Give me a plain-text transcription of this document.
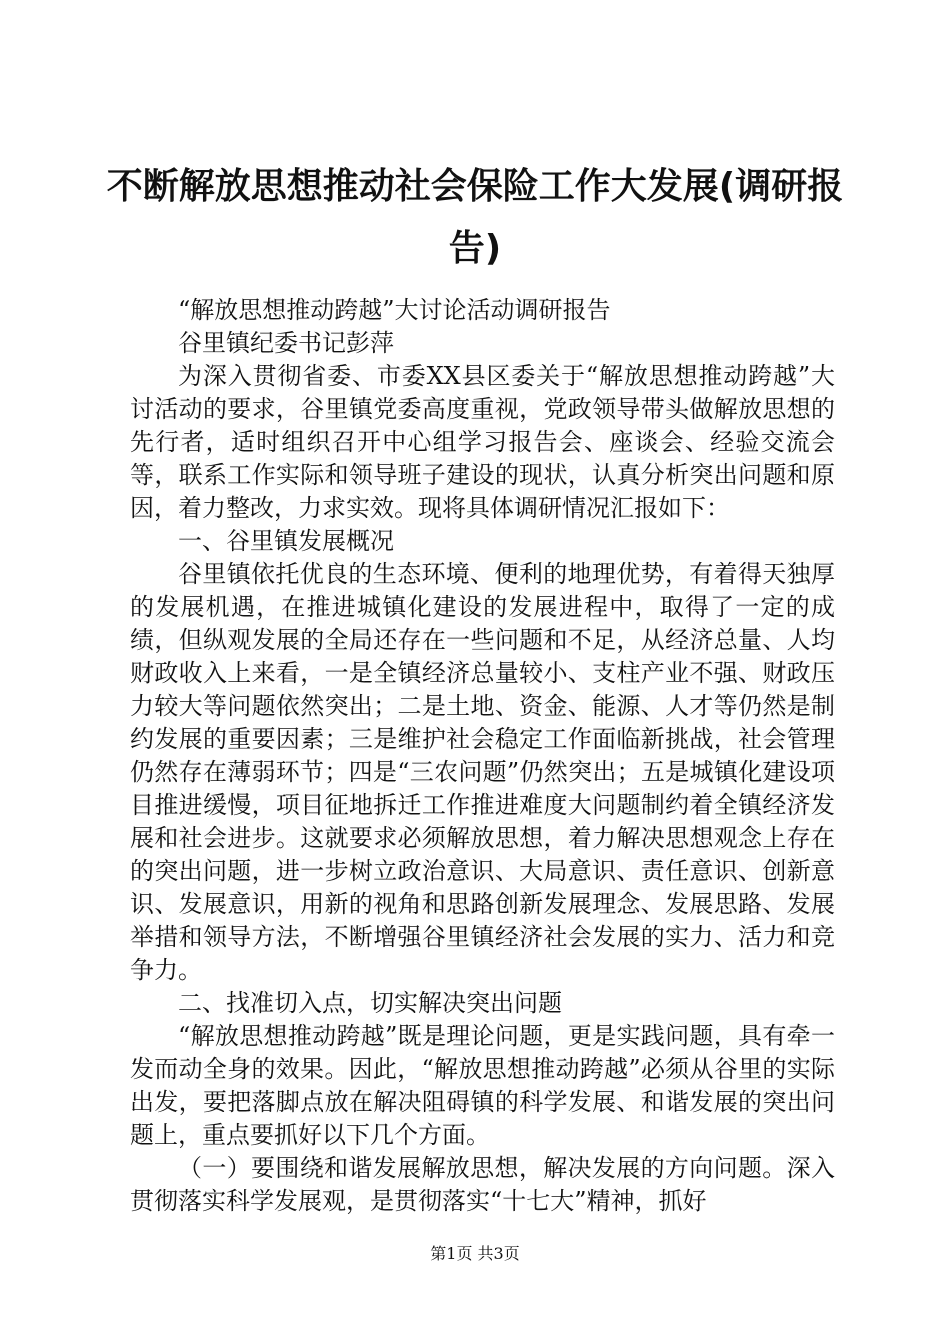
不断解放思想推动社会保险工作大发展(调研报告)

“解放思想推动跨越”大讨论活动调研报告

谷里镇纪委书记彭萍

为深入贯彻省委、市委XX县区委关于“解放思想推动跨越”大讨活动的要求，谷里镇党委高度重视，党政领导带头做解放思想的先行者，适时组织召开中心组学习报告会、座谈会、经验交流会等，联系工作实际和领导班子建设的现状，认真分析突出问题和原因，着力整改，力求实效。现将具体调研情况汇报如下：

一、谷里镇发展概况

谷里镇依托优良的生态环境、便利的地理优势，有着得天独厚的发展机遇，在推进城镇化建设的发展进程中，取得了一定的成绩，但纵观发展的全局还存在一些问题和不足，从经济总量、人均财政收入上来看，一是全镇经济总量较小、支柱产业不强、财政压力较大等问题依然突出；二是土地、资金、能源、人才等仍然是制约发展的重要因素；三是维护社会稳定工作面临新挑战，社会管理仍然存在薄弱环节；四是“三农问题”仍然突出；五是城镇化建设项目推进缓慢，项目征地拆迁工作推进难度大问题制约着全镇经济发展和社会进步。这就要求必须解放思想，着力解决思想观念上存在的突出问题，进一步树立政治意识、大局意识、责任意识、创新意识、发展意识，用新的视角和思路创新发展理念、发展思路、发展举措和领导方法，不断增强谷里镇经济社会发展的实力、活力和竞争力。

二、找准切入点，切实解决突出问题

“解放思想推动跨越”既是理论问题，更是实践问题，具有牵一发而动全身的效果。因此，“解放思想推动跨越”必须从谷里的实际出发，要把落脚点放在解决阻碍镇的科学发展、和谐发展的突出问题上，重点要抓好以下几个方面。

（一）要围绕和谐发展解放思想，解决发展的方向问题。深入贯彻落实科学发展观，是贯彻落实“十七大”精神，抓好

第1页 共3页
